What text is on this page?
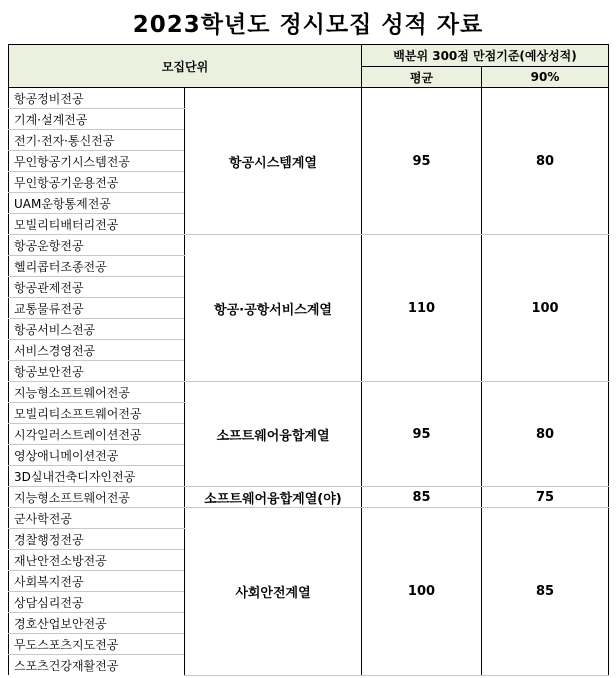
2023학년도 정시모집 성적 자료
모집단위		백분위 300점 만점기준(예상성적)	
		평균	90%
항공정비전공	항공시스템계열	95	80
기계·설계전공			
전기·전자·통신전공			
무인항공기시스템전공			
무인항공기운용전공			
UAM운항통제전공			
모빌리티배터리전공			
항공운항전공	항공·공항서비스계열	110	100
헬리콥터조종전공			
항공관제전공			
교통물류전공			
항공서비스전공			
서비스경영전공			
항공보안전공			
지능형소프트웨어전공	소프트웨어융합계열	95	80
모빌리티소프트웨어전공			
시각일러스트레이션전공			
영상애니메이션전공			
3D실내건축디자인전공			
지능형소프트웨어전공	소프트웨어융합계열(야)	85	75
군사학전공	사회안전계열	100	85
경찰행정전공			
재난안전소방전공			
사회복지전공			
상담심리전공			
경호산업보안전공			
무도스포츠지도전공			
스포츠건강재활전공			
